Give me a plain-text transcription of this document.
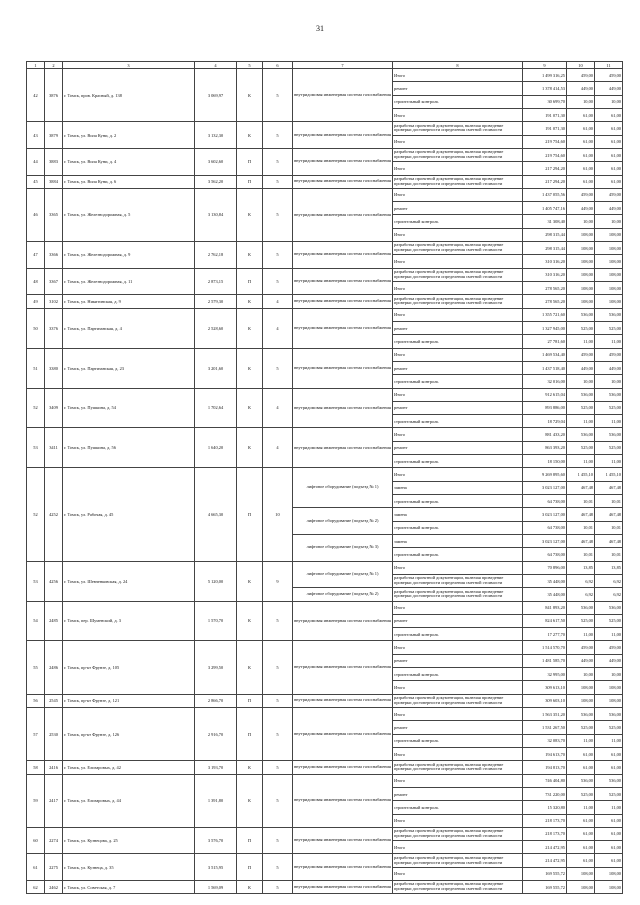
31
1	2	3	4	5	6	7	8	9	10	11
42	3876	г. Томск, пров. Красный, д. 138	3 069,97	К	5	внутридомовая инженерная система газоснабжения	Итого	1 499 316,25	459,00	459,00
							ремонт	1 378 414,53	449,00	449,00
							строительный контроль	30 699,70	10,00	10,00
							Итого	191 071,30	61,00	61,00
43	3879	г. Томск, ул. Вила Куни, д. 2	3 132,30	К	5	внутридомовая инженерная система газоснабжения	разработка проектной документации, включая проведение проверки достоверности определения сметной стоимости	191 071,30	61,00	61,00
							Итого	219 754,60	61,00	61,00
44	3883	г. Томск, ул. Вила Куни, д. 4	3 602,60	П	5	внутридомовая инженерная система газоснабжения	разработка проектной документации, включая проведение проверки достоверности определения сметной стоимости	219 754,60	61,00	61,00
							Итого	217 294,20	61,00	61,00
45	3884	г. Томск, ул. Вила Куни, д. 6	3 562,20	П	5	внутридомовая инженерная система газоснабжения	разработка проектной документации, включая проведение проверки достоверности определения сметной стоимости	217 294,20	61,00	61,00
46	3365	г. Томск, ул. Железнодорожная, д. 5	3 130,84	К	5	внутридомовая инженерная система газоснабжения	Итого	1 437 055,56	459,00	459,00
							ремонт	1 405 747,16	449,00	449,00
							строительный контроль	31 308,40	10,00	10,00
							Итого	298 315,44	108,00	108,00
47	3366	г. Томск, ул. Железнодорожная, д. 9	2 762,18	К	5	внутридомовая инженерная система газоснабжения	разработка проектной документации, включая проведение проверки достоверности определения сметной стоимости	298 315,44	108,00	108,00
							Итого	310 316,20	108,00	108,00
48	3367	г. Томск, ул. Железнодорожная, д. 11	2 873,15	П	5	внутридомовая инженерная система газоснабжения	разработка проектной документации, включая проведение проверки достоверности определения сметной стоимости	310 316,20	108,00	108,00
							Итого	278 565,20	108,00	108,00
49	3102	г. Томск, ул. Никитинская, д. 9	2 579,30	К	4	внутридомовая инженерная система газоснабжения	разработка проектной документации, включая проведение проверки достоверности определения сметной стоимости	278 565,20	108,00	108,00
50	3376	г. Томск, ул. Партизанская, д. 4	2 528,60	К	4	внутридомовая инженерная система газоснабжения	Итого	1 355 721,60	536,00	536,00
							ремонт	1 327 945,00	525,00	525,00
							строительный контроль	27 781,60	11,00	11,00
51	3380	г. Томск, ул. Партизанская, д. 23	3 201,60	К	5	внутридомовая инженерная система газоснабжения	Итого	1 469 534,40	459,00	459,00
							ремонт	1 437 518,40	449,00	449,00
							строительный контроль	32 016,00	10,00	10,00
52	3409	г. Томск, ул. Пушкина, д. 54	1 702,64	К	4	внутридомовая инженерная система газоснабжения	Итого	912 615,04	536,00	536,00
							ремонт	893 886,00	525,00	525,00
							строительный контроль	18 729,04	11,00	11,00
53	3411	г. Томск, ул. Пушкина, д. 56	1 640,20	К	4	внутридомовая инженерная система газоснабжения	Итого	881 433,20	536,00	536,00
							ремонт	863 393,20	525,00	525,00
							строительный контроль	18 150,00	11,00	11,00
52	4252	г. Томск, ул. Рабочая, д. 45	4 665,30	П	10	лифтовое оборудование (подъезд № 1)	Итого	9 269 895,60	1 455,10	1 455,10
							замена	3 023 127,00	467,48	467,48
							строительный контроль	64 738,00	10,01	10,01
						лифтовое оборудование (подъезд № 2)	замена	3 023 127,00	467,48	467,48
							строительный контроль	64 738,00	10,01	10,01
						лифтовое оборудование (подъезд № 3)	замена	3 023 127,00	467,48	467,48
							строительный контроль	64 738,00	10,01	10,01
53	4256	г. Томск, ул. Шевченковская, д. 24	5 120,00	К	9	лифтовое оборудование (подъезд № 1)	Итого	70 896,00	13,85	13,85
							разработка проектной документации, включая проведение проверки достоверности определения сметной стоимости	35 448,00	6,92	6,92
						лифтовое оборудование (подъезд № 2)	разработка проектной документации, включая проведение проверки достоверности определения сметной стоимости	35 448,00	6,92	6,92
54	2485	г. Томск, пер. Шуменский, д. 3	1 570,70	К	5	внутридомовая инженерная система газоснабжения	Итого	841 893,20	536,00	536,00
							ремонт	824 617,50	525,00	525,00
							строительный контроль	17 277,70	11,00	11,00
55	2486	г. Томск, пр-кт Фрунзе, д. 105	3 299,50	К	5	внутридомовая инженерная система газоснабжения	Итого	1 514 570,70	459,00	459,00
							ремонт	1 481 585,70	449,00	449,00
							строительный контроль	32 995,00	10,00	10,00
							Итого	309 613,10	108,00	108,00
56	2545	г. Томск, пр-кт Фрунзе, д. 121	2 866,70	П	5	внутридомовая инженерная система газоснабжения	разработка проектной документации, включая проведение проверки достоверности определения сметной стоимости	309 603,10	108,00	108,00
57	2530	г. Томск, пр-кт Фрунзе, д. 126	2 916,70	П	5	внутридомовая инженерная система газоснабжения	Итого	1 563 351,20	536,00	536,00
							ремонт	1 531 267,50	525,00	525,00
							строительный контроль	32 083,70	11,00	11,00
							Итого	194 613,70	61,00	61,00
58	2416	г. Томск, ул. Елизаровых, д. 42	3 193,70	К	5	внутридомовая инженерная система газоснабжения	разработка проектной документации, включая проведение проверки достоверности определения сметной стоимости	194 813,70	61,00	61,00
59	2417	г. Томск, ул. Елизаровых, д. 44	1 391,80	К	5	внутридомовая инженерная система газоснабжения	Итого	746 404,80	536,00	536,00
							ремонт	731 220,00	525,00	525,00
							строительный контроль	15 320,80	11,00	11,00
							Итого	218 173,70	61,00	61,00
60	2274	г. Томск, ул. Кузнецова, д. 25	3 576,70	П	5	внутридомовая инженерная система газоснабжения	разработка проектной документации, включая проведение проверки достоверности определения сметной стоимости	218 173,70	61,00	61,00
							Итого	214 472,95	61,00	61,00
61	2275	г. Томск, ул. Кузнеца, д. 35	3 515,95	П	5	внутридомовая инженерная система газоснабжения	разработка проектной документации, включая проведение проверки достоверности определения сметной стоимости	214 472,95	61,00	61,00
							Итого	169 555,72	108,00	108,00
62	2462	г. Томск, ул. Советская, д. 7	1 569,09	К	5	внутридомовая инженерная система газоснабжения	разработка проектной документации, включая проведение проверки достоверности определения сметной стоимости	169 555,72	108,00	108,00
